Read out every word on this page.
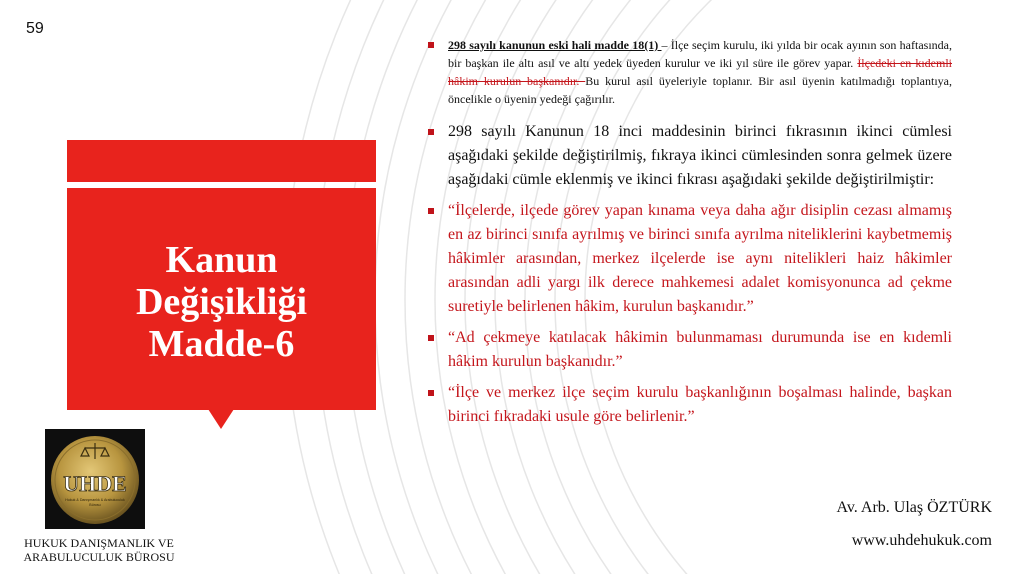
59
Kanun
Değişikliği
Madde-6
UHDE
Hukuk & Danışmanlık & Arabuluculuk
Bürosu
HUKUK DANIŞMANLIK VE
ARABULUCULUK BÜROSU
298 sayılı kanunun eski hali madde 18(1) – İlçe seçim kurulu, iki yılda bir ocak ayının son haftasında, bir başkan ile altı asıl ve altı yedek üyeden kurulur ve iki yıl süre ile görev yapar. İlçedeki en kıdemli hâkim kurulun başkanıdır. Bu kurul asıl üyeleriyle toplanır. Bir asıl üyenin katılmadığı toplantıya, öncelikle o üyenin yedeği çağırılır.
298 sayılı Kanunun 18 inci maddesinin birinci fıkrasının ikinci cümlesi aşağıdaki şekilde değiştirilmiş, fıkraya ikinci cümlesinden sonra gelmek üzere aşağıdaki cümle eklenmiş ve ikinci fıkrası aşağıdaki şekilde değiştirilmiştir:
“İlçelerde, ilçede görev yapan kınama veya daha ağır disiplin cezası almamış en az birinci sınıfa ayrılmış ve birinci sınıfa ayrılma niteliklerini kaybetmemiş hâkimler arasından, merkez ilçelerde ise aynı nitelikleri haiz hâkimler arasından adli yargı ilk derece mahkemesi adalet komisyonunca ad çekme suretiyle belirlenen hâkim, kurulun başkanıdır.”
“Ad çekmeye katılacak hâkimin bulunmaması durumunda ise en kıdemli hâkim kurulun başkanıdır.”
“İlçe ve merkez ilçe seçim kurulu başkanlığının boşalması halinde, başkan birinci fıkradaki usule göre belirlenir.”
Av. Arb. Ulaş ÖZTÜRK
www.uhdehukuk.com
